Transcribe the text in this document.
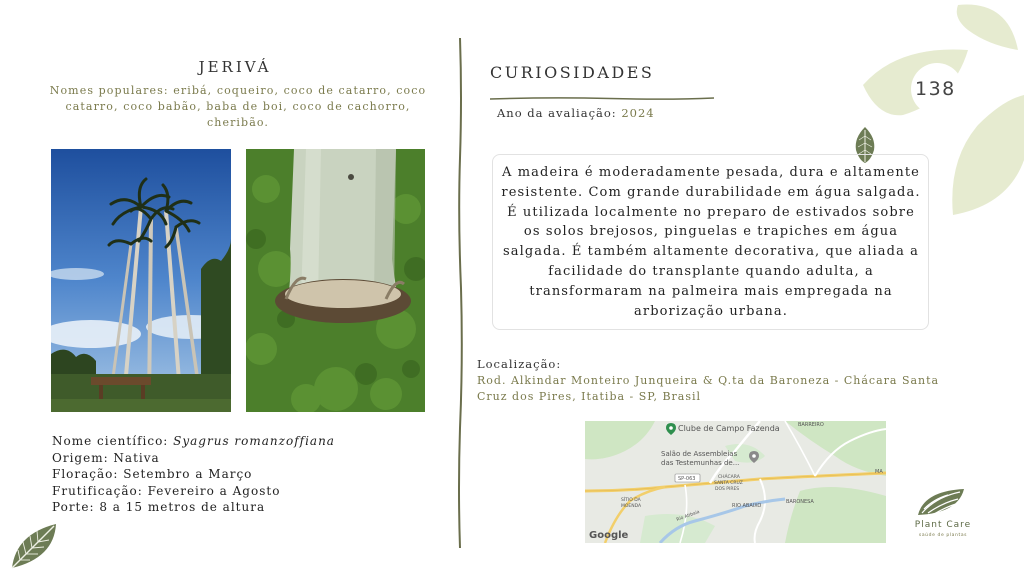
JERIVÁ
Nomes populares: eribá, coqueiro, coco de catarro, coco catarro, coco babão, baba de boi, coco de cachorro, cheribão.
Nome científico: Syagrus romanzoffiana
Origem: Nativa
Floração: Setembro a Março
Frutificação: Fevereiro a Agosto
Porte: 8 a 15 metros de altura
CURIOSIDADES
Ano da avaliação: 2024
A madeira é moderadamente pesada, dura e altamente resistente. Com grande durabilidade em água salgada. É utilizada localmente no preparo de estivados sobre os solos brejosos, pinguelas e trapiches em água salgada. É também altamente decorativa, que aliada a facilidade do transplante quando adulta, a transformaram na palmeira mais empregada na arborização urbana.
Localização:
Rod. Alkindar Monteiro Junqueira & Q.ta da Baroneza - Chácara Santa Cruz dos Pires, Itatiba - SP, Brasil
Clube de Campo Fazenda	BARREIRO
Salão de Assembleias
das Testemunhas de...
SP-063	CHÁCARA
SANTA CRUZ
DOS PIRES
SÍTIO DA
MOENDA	RIO ABAIXO
BARONESA
Rio Atibaia
MA
Google
138
Plant Care
saúde de plantas
